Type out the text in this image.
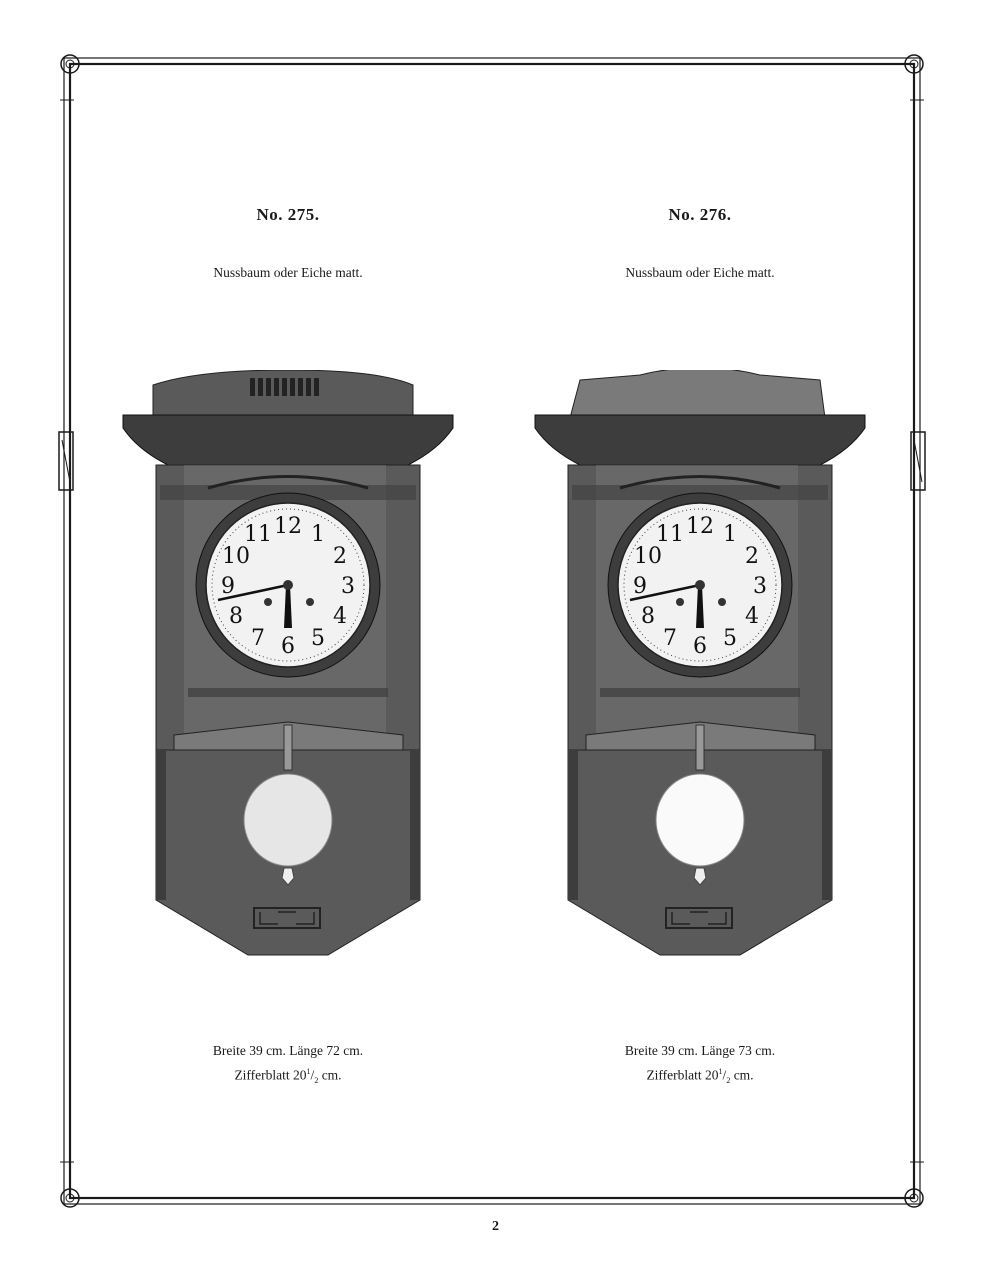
No. 275.
Nussbaum oder Eiche matt.
12 1
2
3
4
5
6
7
8
9
10
11
Breite 39 cm. Länge 72 cm.
Zifferblatt $20^1/_2$ cm.
No. 276.
Nussbaum oder Eiche matt.
12 1
2
3
4
5
6
7
8
9
10
11
Breite 39 cm. Länge 73 cm.
Zifferblatt $20^1/_2$ cm.
2
